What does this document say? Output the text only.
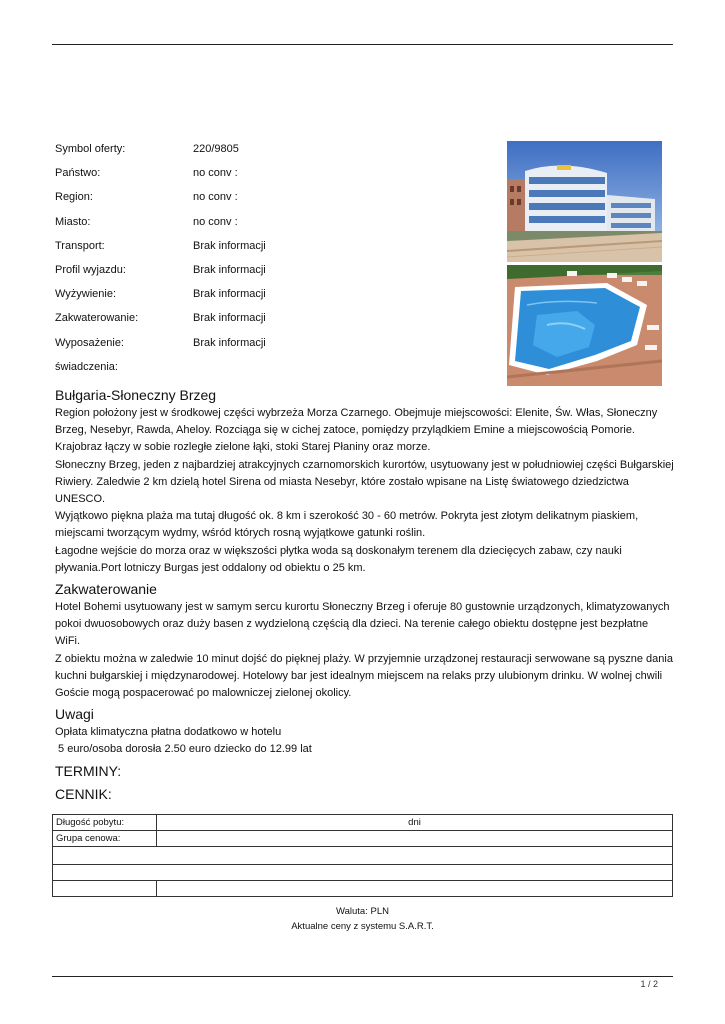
Symbol oferty:	220/9805
Państwo:	no conv :
Region:	no conv :
Miasto:	no conv :
Transport:	Brak informacji
Profil wyjazdu:	Brak informacji
Wyżywienie:	Brak informacji
Zakwaterowanie:	Brak informacji
Wyposażenie:	Brak informacji
świadczenia:
Bułgaria-Słoneczny Brzeg

Region położony jest w środkowej części wybrzeża Morza Czarnego. Obejmuje miejscowości: Elenite, Św. Włas, Słoneczny Brzeg, Nesebyr, Rawda, Aheloy. Rozciąga się w cichej zatoce, pomiędzy przylądkiem Emine a miejscowością Pomorie. Krajobraz łączy w sobie rozległe zielone łąki, stoki Starej Płaniny oraz morze.

Słoneczny Brzeg, jeden z najbardziej atrakcyjnych czarnomorskich kurortów, usytuowany jest w południowiej części Bułgarskiej Riwiery. Zaledwie 2 km dzielą hotel Sirena od miasta Nesebyr, które zostało wpisane na Listę światowego dziedzictwa UNESCO.

Wyjątkowo piękna plaża ma tutaj długość ok. 8 km i szerokość 30 - 60 metrów. Pokryta jest złotym delikatnym piaskiem, miejscami tworzącym wydmy, wśród których rosną wyjątkowe gatunki roślin.

Łagodne wejście do morza oraz w większości płytka woda są doskonałym terenem dla dziecięcych zabaw, czy nauki pływania.Port lotniczy Burgas jest oddalony od obiektu o 25 km.

Zakwaterowanie

Hotel Bohemi usytuowany jest w samym sercu kurortu Słoneczny Brzeg i oferuje 80 gustownie urządzonych, klimatyzowanych pokoi dwuosobowych oraz duży basen z wydzieloną częścią dla dzieci. Na terenie całego obiektu dostępne jest bezpłatne WiFi.

Z obiektu można w zaledwie 10 minut dojść do pięknej plaży. W przyjemnie urządzonej restauracji serwowane są pyszne dania kuchni bułgarskiej i międzynarodowej. Hotelowy bar jest idealnym miejscem na relaks przy ulubionym drinku. W wolnej chwili Goście mogą pospacerować po malowniczej zielonej okolicy.

Uwagi

Opłata klimatyczna płatna dodatkowo w hotelu

5 euro/osoba dorosła 2.50 euro dziecko do 12.99 lat

TERMINY:
CENNIK:
Długość pobytu:	dni
Grupa cenowa:	

Waluta: PLN
Aktualne ceny z systemu S.A.R.T.
1 / 2
